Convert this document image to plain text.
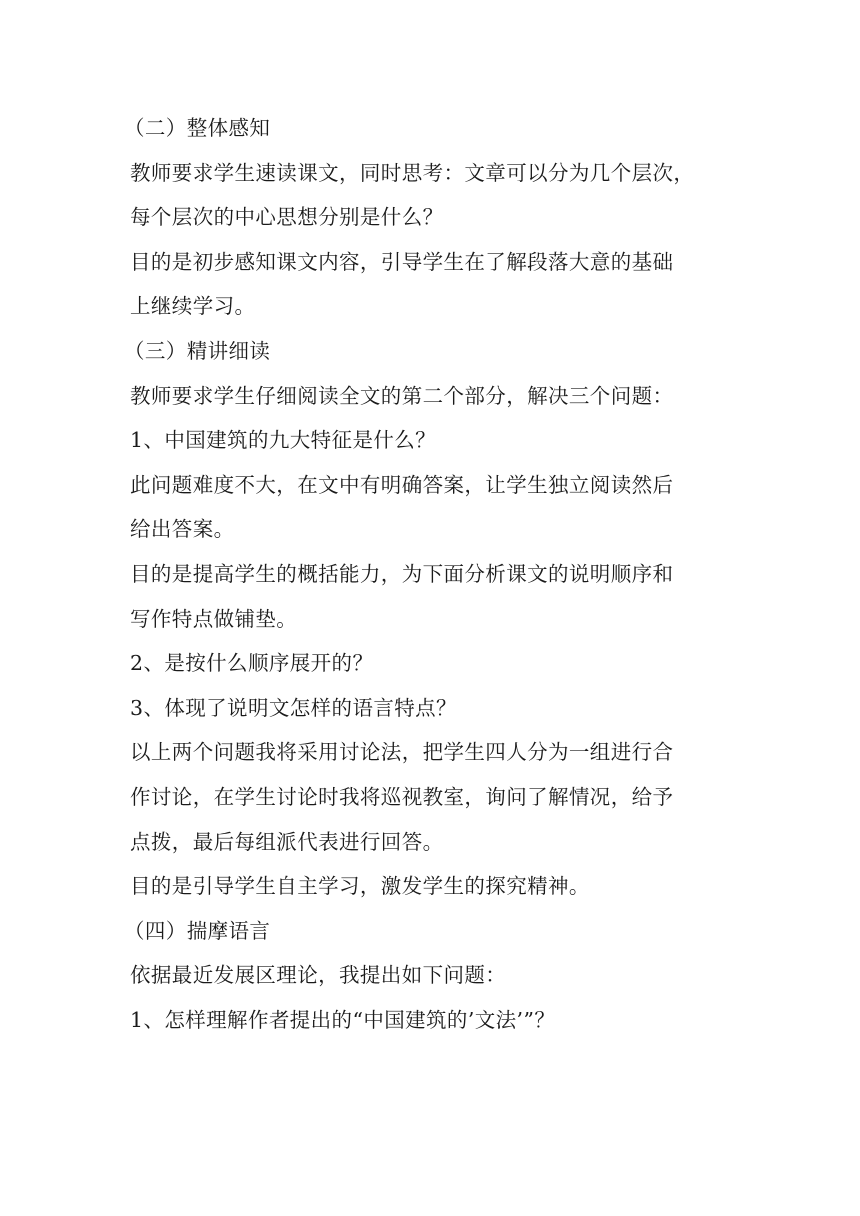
（二）整体感知
教师要求学生速读课文，同时思考：文章可以分为几个层次，
每个层次的中心思想分别是什么？
目的是初步感知课文内容，引导学生在了解段落大意的基础
上继续学习。
（三）精讲细读
教师要求学生仔细阅读全文的第二个部分，解决三个问题：
1、中国建筑的九大特征是什么？
此问题难度不大，在文中有明确答案，让学生独立阅读然后
给出答案。
目的是提高学生的概括能力，为下面分析课文的说明顺序和
写作特点做铺垫。
2、是按什么顺序展开的？
3、体现了说明文怎样的语言特点？
以上两个问题我将采用讨论法，把学生四人分为一组进行合
作讨论，在学生讨论时我将巡视教室，询问了解情况，给予
点拨，最后每组派代表进行回答。
目的是引导学生自主学习，激发学生的探究精神。
（四）揣摩语言
依据最近发展区理论，我提出如下问题：
1、怎样理解作者提出的“中国建筑的’文法’”？
